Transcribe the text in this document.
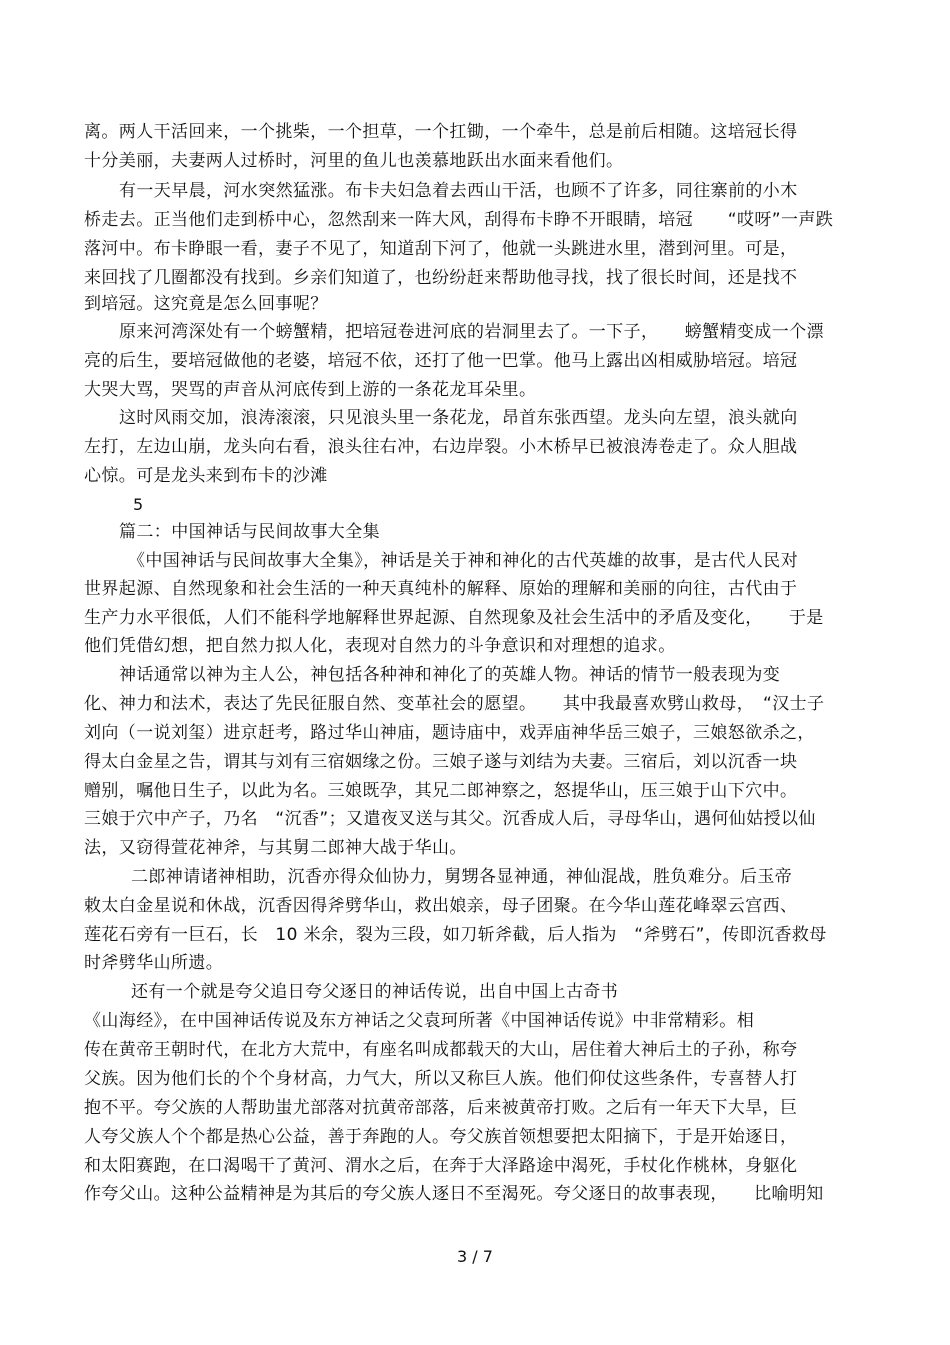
离。两人干活回来，一个挑柴，一个担草，一个扛锄，一个牵牛，总是前后相随。这培冠长得
十分美丽，夫妻两人过桥时，河里的鱼儿也羡慕地跃出水面来看他们。
有一天早晨，河水突然猛涨。布卡夫妇急着去西山干活，也顾不了许多，同往寨前的小木
桥走去。正当他们走到桥中心，忽然刮来一阵大风，刮得布卡睁不开眼睛，培冠　　“哎呀”一声跌
落河中。布卡睁眼一看，妻子不见了，知道刮下河了，他就一头跳进水里，潜到河里。可是，
来回找了几圈都没有找到。乡亲们知道了，也纷纷赶来帮助他寻找，找了很长时间，还是找不
到培冠。这究竟是怎么回事呢？
原来河湾深处有一个螃蟹精，把培冠卷进河底的岩洞里去了。一下子，　　螃蟹精变成一个漂
亮的后生，要培冠做他的老婆，培冠不依，还打了他一巴掌。他马上露出凶相威胁培冠。培冠
大哭大骂，哭骂的声音从河底传到上游的一条花龙耳朵里。
这时风雨交加，浪涛滚滚，只见浪头里一条花龙，昂首东张西望。龙头向左望，浪头就向
左打，左边山崩，龙头向右看，浪头往右冲，右边岸裂。小木桥早已被浪涛卷走了。众人胆战
心惊。可是龙头来到布卡的沙滩
5
篇二：中国神话与民间故事大全集
《中国神话与民间故事大全集》，神话是关于神和神化的古代英雄的故事，是古代人民对
世界起源、自然现象和社会生活的一种天真纯朴的解释、原始的理解和美丽的向往，古代由于
生产力水平很低，人们不能科学地解释世界起源、自然现象及社会生活中的矛盾及变化，　　于是
他们凭借幻想，把自然力拟人化，表现对自然力的斗争意识和对理想的追求。
神话通常以神为主人公，神包括各种神和神化了的英雄人物。神话的情节一般表现为变
化、神力和法术，表达了先民征服自然、变革社会的愿望。　　其中我最喜欢劈山救母，　“汉士子
刘向（一说刘玺）进京赶考，路过华山神庙，题诗庙中，戏弄庙神华岳三娘子，三娘怒欲杀之，
得太白金星之告，谓其与刘有三宿姻缘之份。三娘子遂与刘结为夫妻。三宿后，刘以沉香一块
赠别，嘱他日生子，以此为名。三娘既孕，其兄二郎神察之，怒提华山，压三娘于山下穴中。
三娘于穴中产子，乃名　“沉香”；又遣夜叉送与其父。沉香成人后，寻母华山，遇何仙姑授以仙
法，又窃得萱花神斧，与其舅二郎神大战于华山。
二郎神请诸神相助，沉香亦得众仙协力，舅甥各显神通，神仙混战，胜负难分。后玉帝
敕太白金星说和休战，沉香因得斧劈华山，救出娘亲，母子团聚。在今华山莲花峰翠云宫西、
莲花石旁有一巨石，长　10 米余，裂为三段，如刀斩斧截，后人指为　“斧劈石”，传即沉香救母
时斧劈华山所遗。
还有一个就是夸父追日夸父逐日的神话传说，出自中国上古奇书
《山海经》，在中国神话传说及东方神话之父袁珂所著《中国神话传说》中非常精彩。相
传在黄帝王朝时代，在北方大荒中，有座名叫成都载天的大山，居住着大神后土的子孙，称夸
父族。因为他们长的个个身材高，力气大，所以又称巨人族。他们仰仗这些条件，专喜替人打
抱不平。夸父族的人帮助蚩尤部落对抗黄帝部落，后来被黄帝打败。之后有一年天下大旱，巨
人夸父族人个个都是热心公益，善于奔跑的人。夸父族首领想要把太阳摘下，于是开始逐日，
和太阳赛跑，在口渴喝干了黄河、渭水之后，在奔于大泽路途中渴死，手杖化作桃林，身躯化
作夸父山。这种公益精神是为其后的夸父族人逐日不至渴死。夸父逐日的故事表现，　　比喻明知
3 / 7
